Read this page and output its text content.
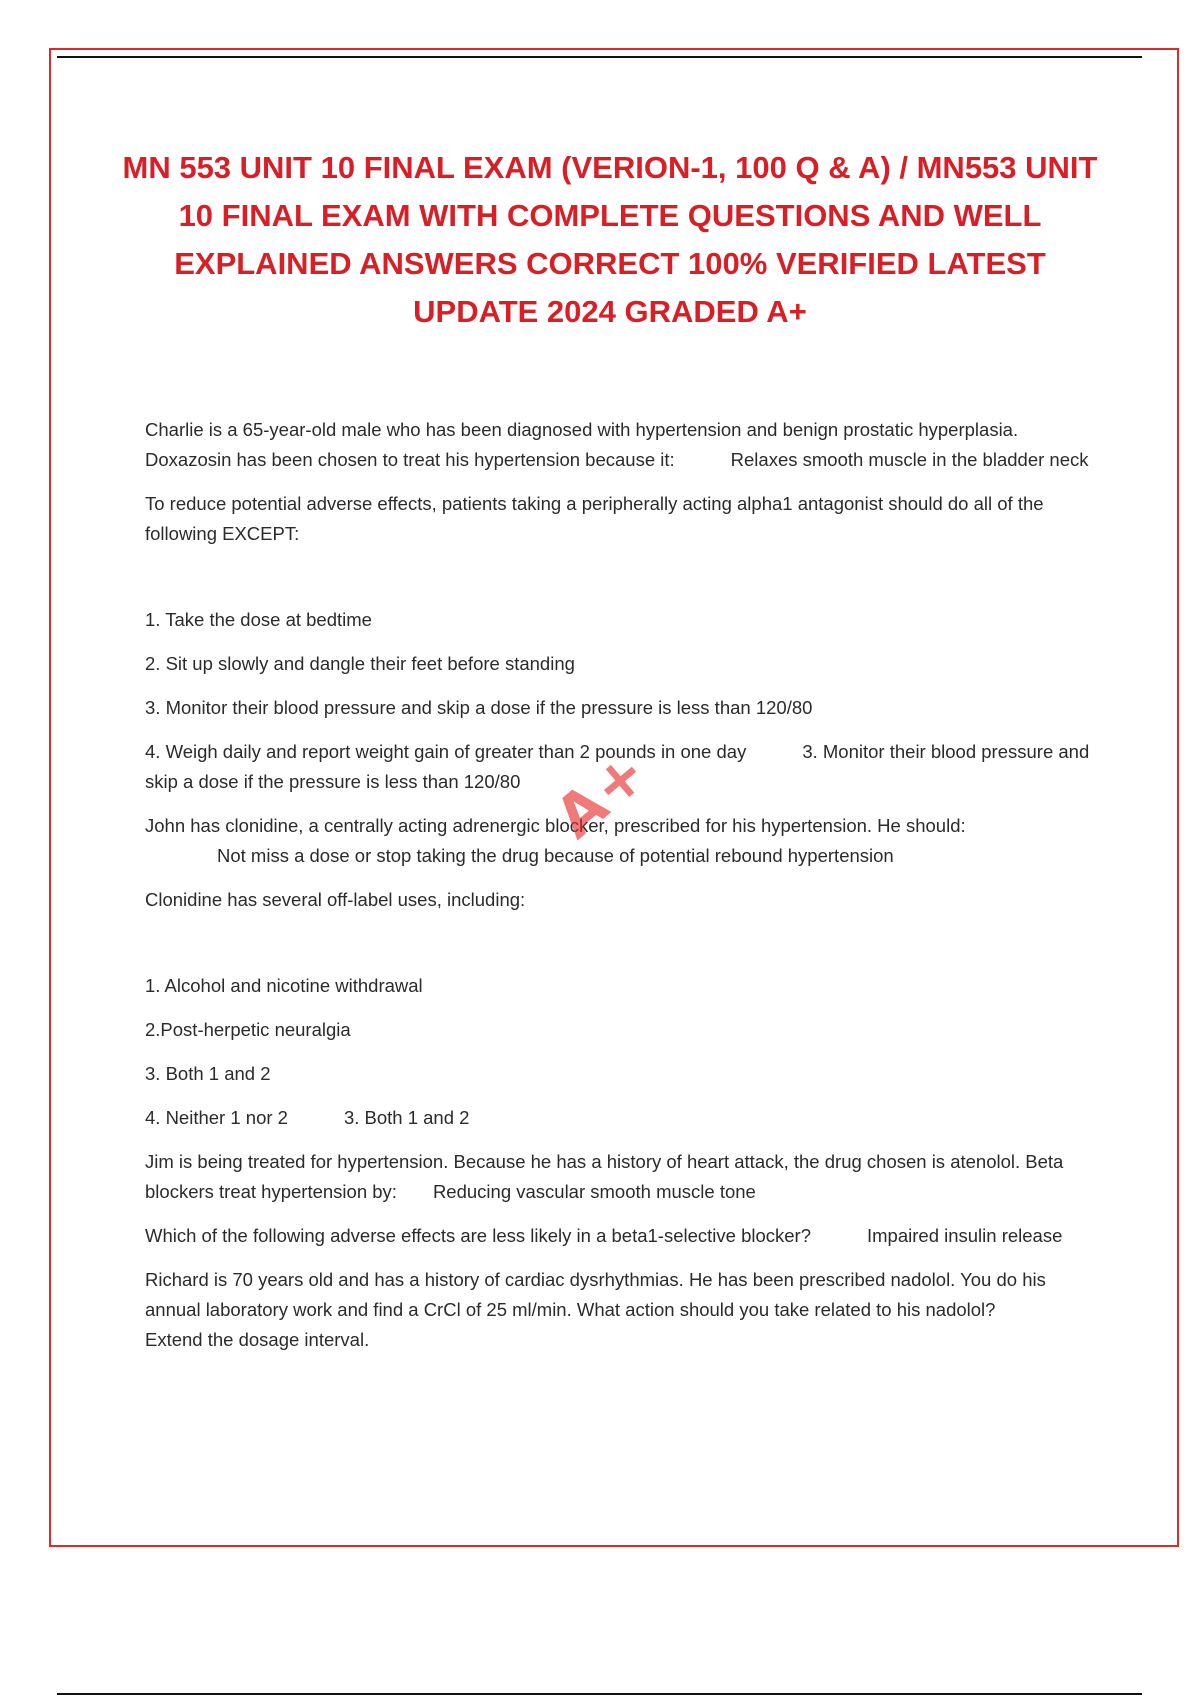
MN 553 UNIT 10 FINAL EXAM (VERION-1, 100 Q & A) / MN553 UNIT 10 FINAL EXAM WITH COMPLETE QUESTIONS AND WELL EXPLAINED ANSWERS CORRECT 100% VERIFIED LATEST UPDATE 2024 GRADED A+

Charlie is a 65-year-old male who has been diagnosed with hypertension and benign prostatic hyperplasia. Doxazosin has been chosen to treat his hypertension because it:	Relaxes smooth muscle in the bladder neck

To reduce potential adverse effects, patients taking a peripherally acting alpha1 antagonist should do all of the following EXCEPT:

1. Take the dose at bedtime

2. Sit up slowly and dangle their feet before standing

3. Monitor their blood pressure and skip a dose if the pressure is less than 120/80

4. Weigh daily and report weight gain of greater than 2 pounds in one day	3. Monitor their blood pressure and skip a dose if the pressure is less than 120/80

John has clonidine, a centrally acting adrenergic blocker, prescribed for his hypertension. He should:
Not miss a dose or stop taking the drug because of potential rebound hypertension

Clonidine has several off-label uses, including:

1. Alcohol and nicotine withdrawal

2.Post-herpetic neuralgia

3. Both 1 and 2

4. Neither 1 nor 2	3. Both 1 and 2

Jim is being treated for hypertension. Because he has a history of heart attack, the drug chosen is atenolol. Beta blockers treat hypertension by: Reducing vascular smooth muscle tone

Which of the following adverse effects are less likely in a beta1-selective blocker?	Impaired insulin release

Richard is 70 years old and has a history of cardiac dysrhythmias. He has been prescribed nadolol. You do his annual laboratory work and find a CrCl of 25 ml/min. What action should you take related to his nadolol?Extend the dosage interval.

A+
